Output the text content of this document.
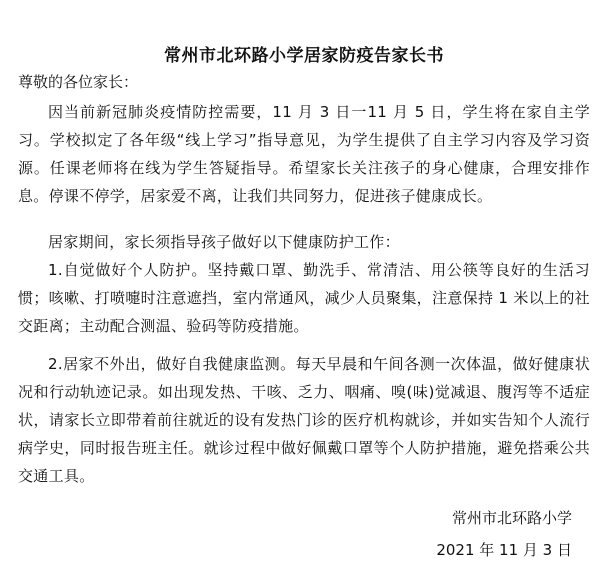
常州市北环路小学居家防疫告家长书
尊敬的各位家长：

因当前新冠肺炎疫情防控需要，11 月 3 日一11 月 5 日，学生将在家自主学习。学校拟定了各年级“线上学习”指导意见，为学生提供了自主学习内容及学习资源。任课老师将在线为学生答疑指导。希望家长关注孩子的身心健康，合理安排作息。停课不停学，居家爱不离，让我们共同努力，促进孩子健康成长。

居家期间，家长须指导孩子做好以下健康防护工作：

1.自觉做好个人防护。坚持戴口罩、勤洗手、常清洁、用公筷等良好的生活习惯；咳嗽、打喷嚏时注意遮挡，室内常通风，减少人员聚集，注意保持 1 米以上的社交距离；主动配合测温、验码等防疫措施。

2.居家不外出，做好自我健康监测。每天早晨和午间各测一次体温，做好健康状况和行动轨迹记录。如出现发热、干咳、乏力、咽痛、嗅(味)觉减退、腹泻等不适症状，请家长立即带着前往就近的设有发热门诊的医疗机构就诊，并如实告知个人流行病学史，同时报告班主任。就诊过程中做好佩戴口罩等个人防护措施，避免搭乘公共交通工具。

常州市北环路小学
2021 年 11 月 3 日
